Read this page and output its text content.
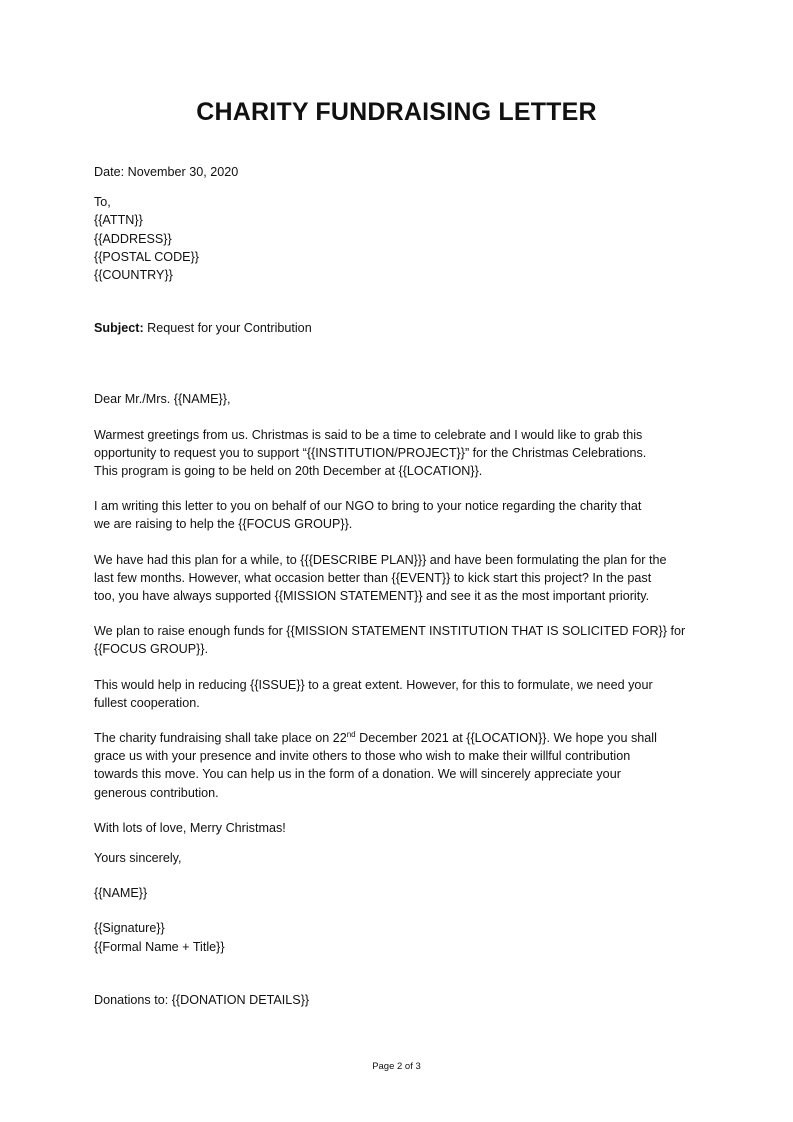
CHARITY FUNDRAISING LETTER

Date: November 30, 2020

To,
{{ATTN}}
{{ADDRESS}}
{{POSTAL CODE}}
{{COUNTRY}}

Subject: Request for your Contribution

Dear Mr./Mrs. {{NAME}},

Warmest greetings from us. Christmas is said to be a time to celebrate and I would like to grab this
opportunity to request you to support “{{INSTITUTION/PROJECT}}” for the Christmas Celebrations.
This program is going to be held on 20th December at {{LOCATION}}.

I am writing this letter to you on behalf of our NGO to bring to your notice regarding the charity that
we are raising to help the {{FOCUS GROUP}}.

We have had this plan for a while, to {{{DESCRIBE PLAN}}} and have been formulating the plan for the
last few months. However, what occasion better than {{EVENT}} to kick start this project? In the past
too, you have always supported {{MISSION STATEMENT}} and see it as the most important priority.

We plan to raise enough funds for {{MISSION STATEMENT INSTITUTION THAT IS SOLICITED FOR}} for
{{FOCUS GROUP}}.

This would help in reducing {{ISSUE}} to a great extent. However, for this to formulate, we need your
fullest cooperation.

The charity fundraising shall take place on 22nd December 2021 at {{LOCATION}}. We hope you shall
grace us with your presence and invite others to those who wish to make their willful contribution
towards this move. You can help us in the form of a donation. We will sincerely appreciate your
generous contribution.

With lots of love, Merry Christmas!

Yours sincerely,

{{NAME}}

{{Signature}}
{{Formal Name + Title}}

Donations to: {{DONATION DETAILS}}

Page 2 of 3
